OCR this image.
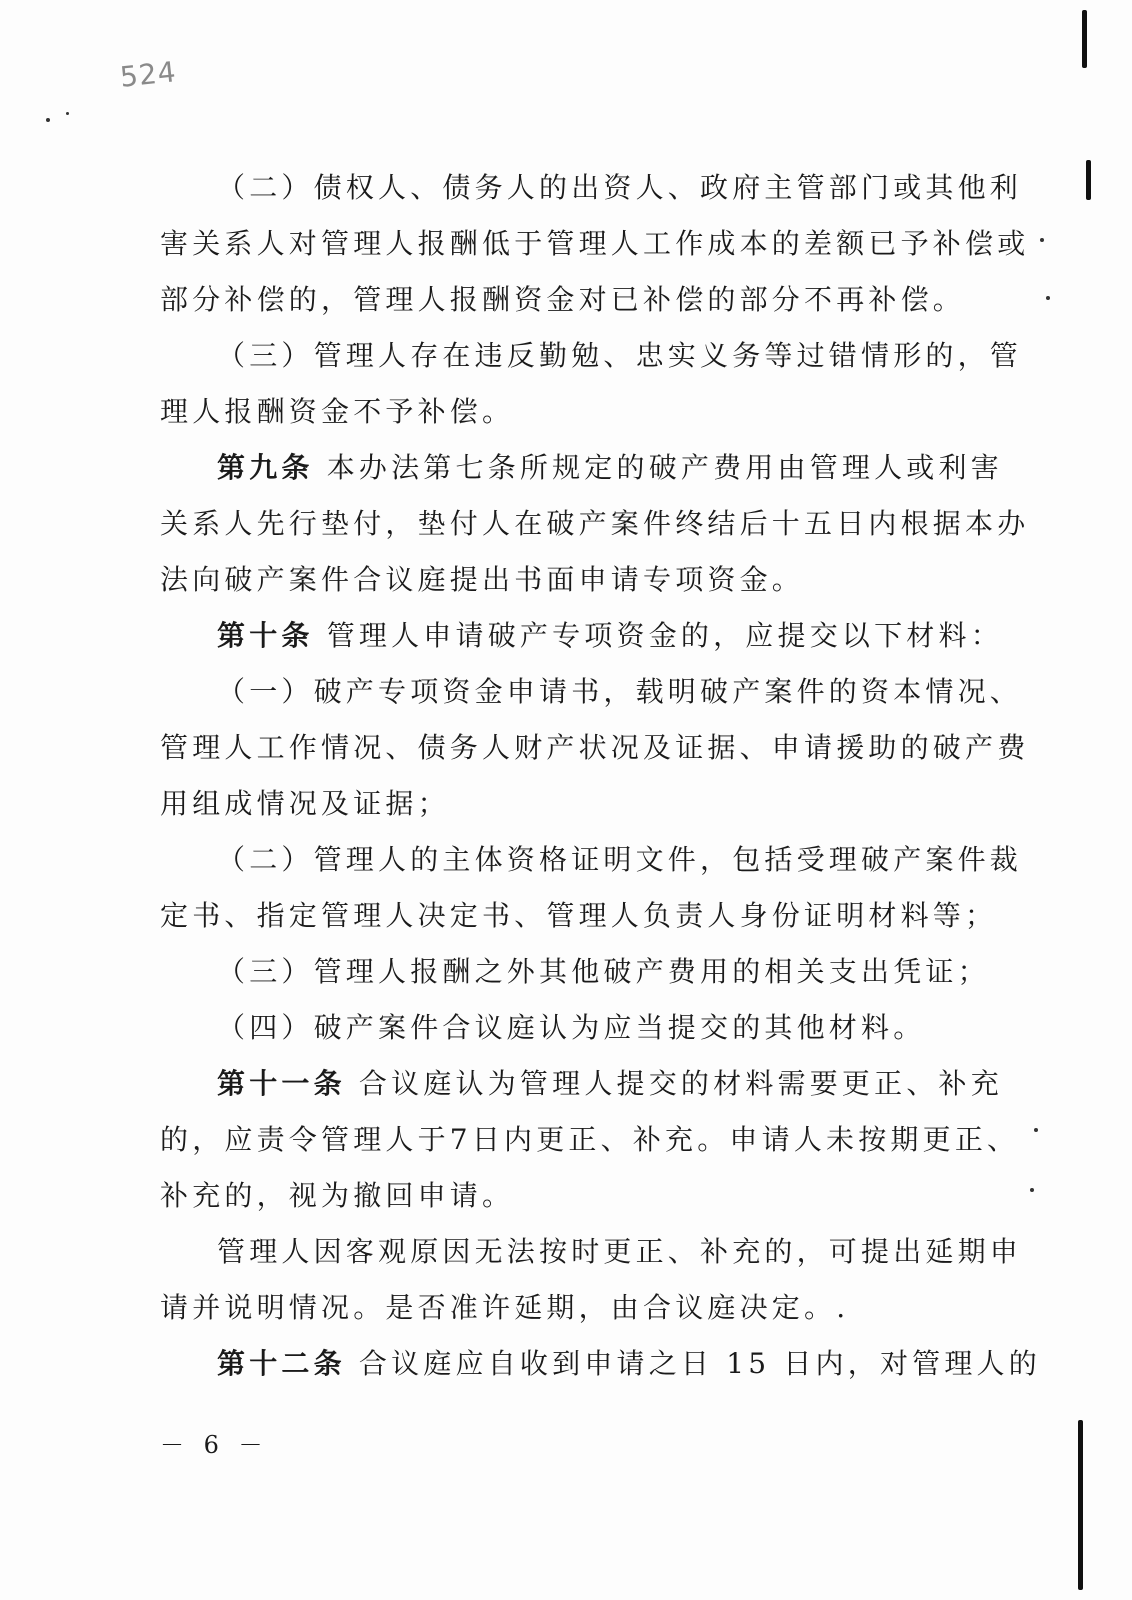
524
（二）债权人、债务人的出资人、政府主管部门或其他利
害关系人对管理人报酬低于管理人工作成本的差额已予补偿或
部分补偿的，管理人报酬资金对已补偿的部分不再补偿。
（三）管理人存在违反勤勉、忠实义务等过错情形的，管
理人报酬资金不予补偿。
第九条 本办法第七条所规定的破产费用由管理人或利害
关系人先行垫付，垫付人在破产案件终结后十五日内根据本办
法向破产案件合议庭提出书面申请专项资金。
第十条 管理人申请破产专项资金的，应提交以下材料：
（一）破产专项资金申请书，载明破产案件的资本情况、
管理人工作情况、债务人财产状况及证据、申请援助的破产费
用组成情况及证据；
（二）管理人的主体资格证明文件，包括受理破产案件裁
定书、指定管理人决定书、管理人负责人身份证明材料等；
（三）管理人报酬之外其他破产费用的相关支出凭证；
（四）破产案件合议庭认为应当提交的其他材料。
第十一条 合议庭认为管理人提交的材料需要更正、补充
的，应责令管理人于7日内更正、补充。申请人未按期更正、
补充的，视为撤回申请。
管理人因客观原因无法按时更正、补充的，可提出延期申
请并说明情况。是否准许延期，由合议庭决定。.
第十二条 合议庭应自收到申请之日 15 日内，对管理人的
－ 6 －
